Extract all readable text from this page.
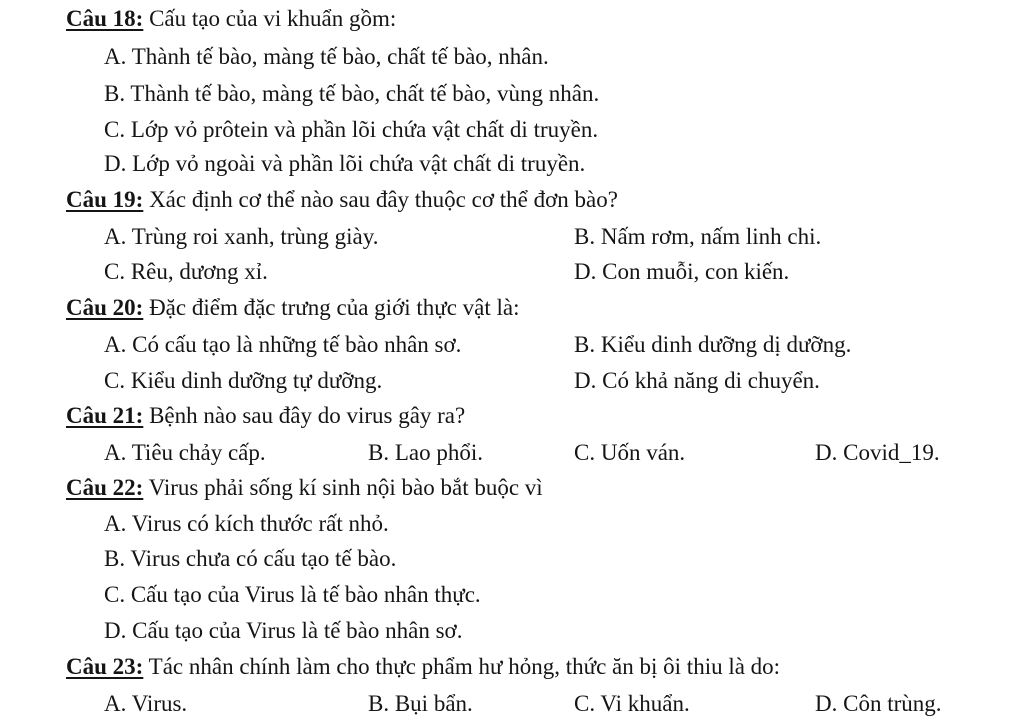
Câu 18: Cấu tạo của vi khuẩn gồm:
A. Thành tế bào, màng tế bào, chất tế bào, nhân.
B. Thành tế bào, màng tế bào, chất tế bào, vùng nhân.
C. Lớp vỏ prôtein và phần lõi chứa vật chất di truyền.
D. Lớp vỏ ngoài và phần lõi chứa vật chất di truyền.
Câu 19: Xác định cơ thể nào sau đây thuộc cơ thể đơn bào?
A. Trùng roi xanh, trùng giày.	B. Nấm rơm, nấm linh chi.
C. Rêu, dương xỉ.	D. Con muỗi, con kiến.
Câu 20: Đặc điểm đặc trưng của giới thực vật là:
A. Có cấu tạo là những tế bào nhân sơ.	B. Kiểu dinh dưỡng dị dưỡng.
C. Kiểu dinh dưỡng tự dưỡng.	D. Có khả năng di chuyển.
Câu 21: Bệnh nào sau đây do virus gây ra?
A. Tiêu chảy cấp.	B. Lao phổi.	C. Uốn ván.	D. Covid_19.
Câu 22: Virus phải sống kí sinh nội bào bắt buộc vì
A. Virus có kích thước rất nhỏ.
B. Virus chưa có cấu tạo tế bào.
C. Cấu tạo của Virus là tế bào nhân thực.
D. Cấu tạo của Virus là tế bào nhân sơ.
Câu 23: Tác nhân chính làm cho thực phẩm hư hỏng, thức ăn bị ôi thiu là do:
A. Virus.	B. Bụi bẩn.	C. Vi khuẩn.	D. Côn trùng.
